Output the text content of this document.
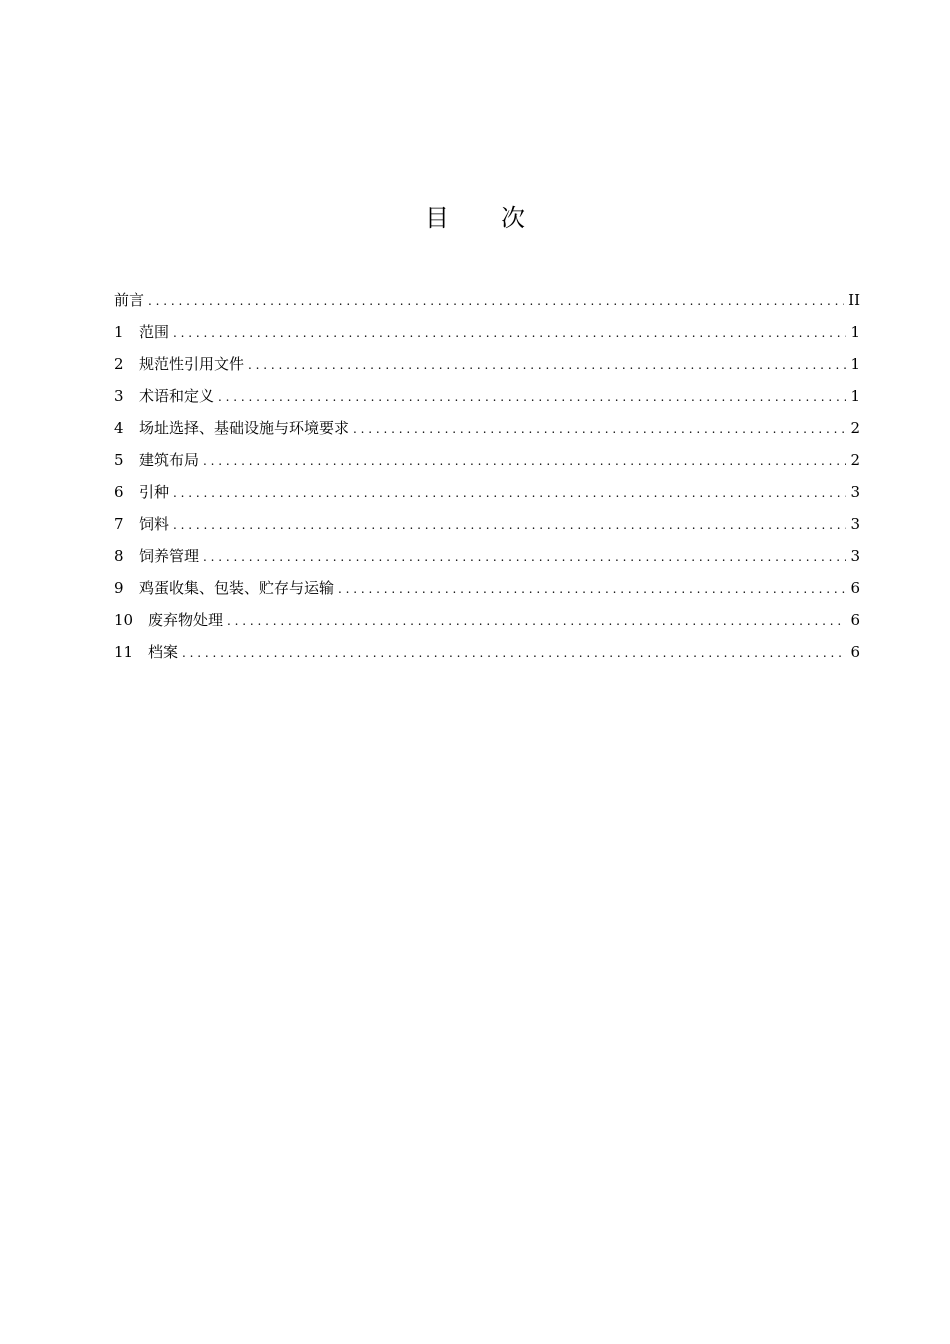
目 次
前言 . . .	II
1	范围 . . .	1
2	规范性引用文件 . . .	1
3	术语和定义 . . .	1
4	场址选择、基础设施与环境要求 . . .	2
5	建筑布局 . . .	2
6	引种 . . .	3
7	饲料 . . .	3
8	饲养管理 . . .	3
9	鸡蛋收集、包装、贮存与运输 . . .	6
10 废弃物处理 . . .	6
11 档案 . . .	6
